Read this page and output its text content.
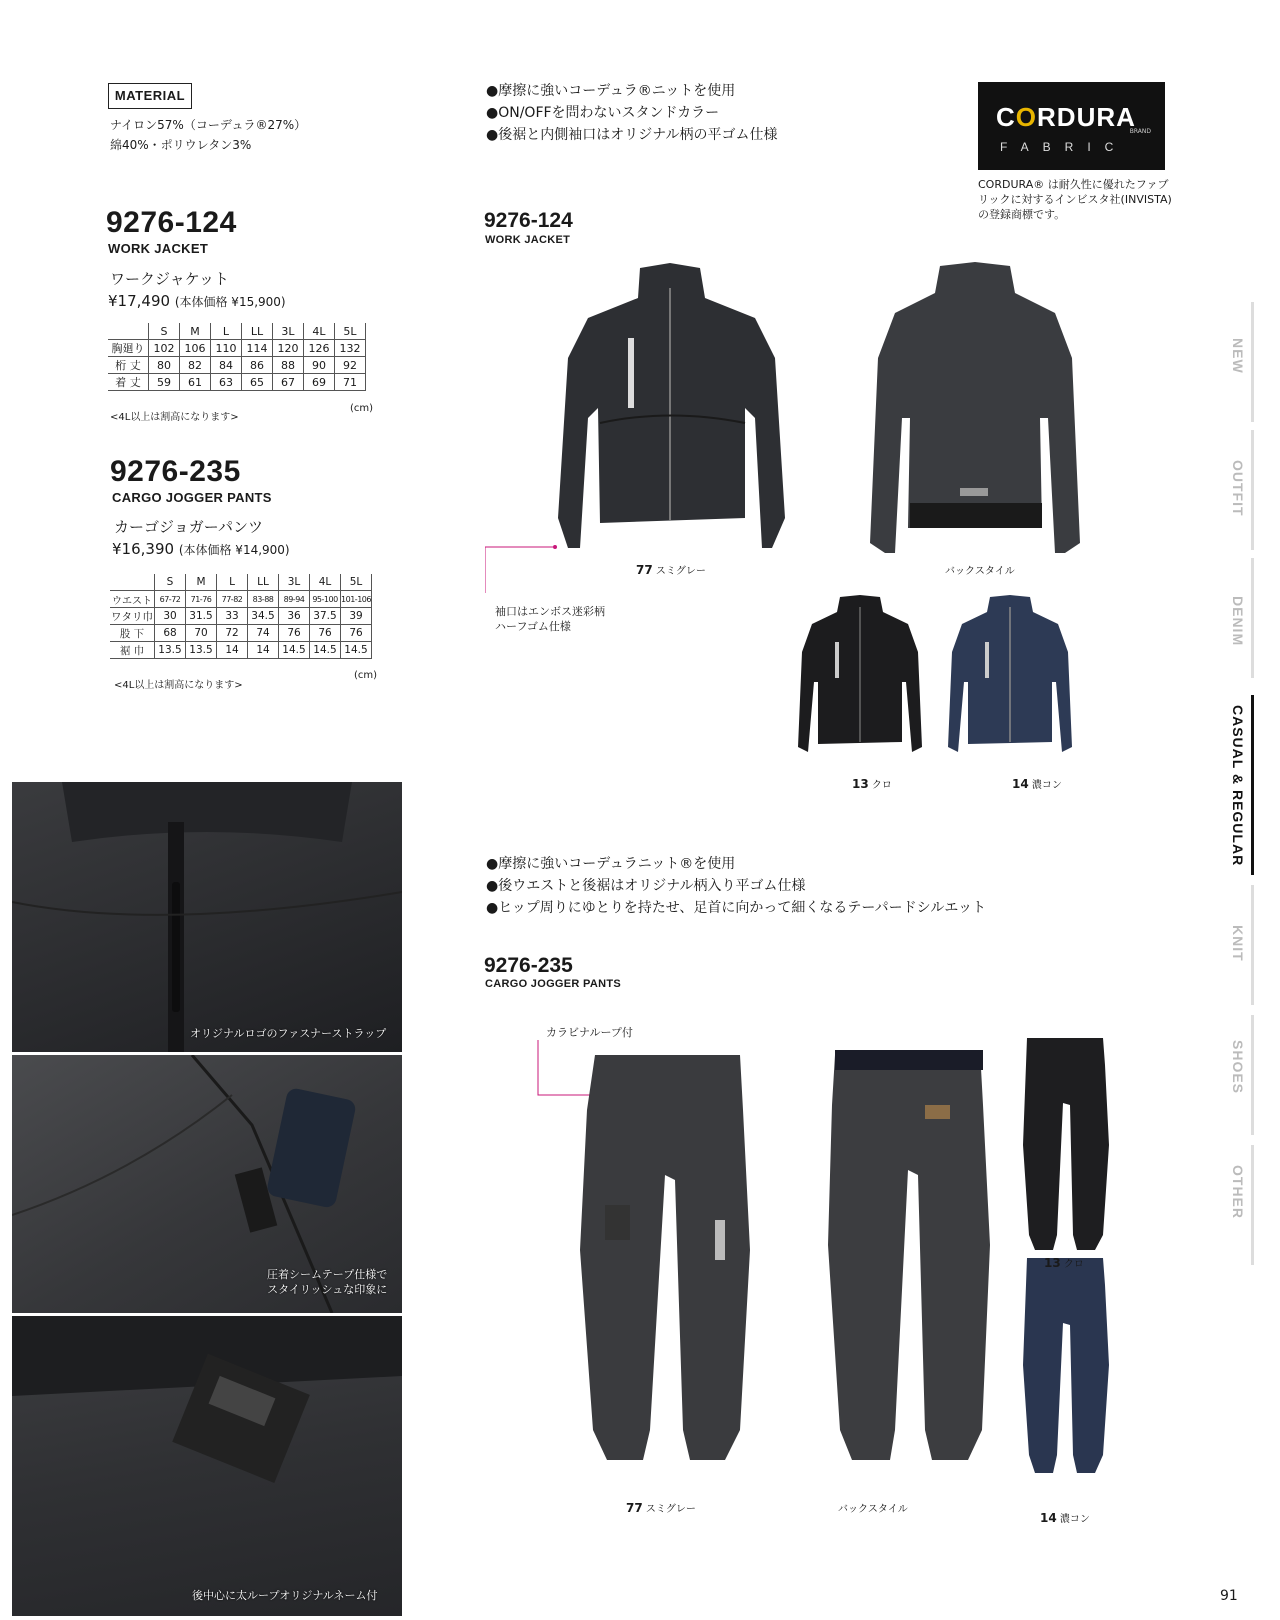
MATERIAL
ナイロン57%（コーデュラ®27%）
綿40%・ポリウレタン3%
9276-124
WORK JACKET
ワークジャケット
¥17,490 (本体価格 ¥15,900)
	S	M	L	LL	3L	4L	5L
胸廻り	102	106	110	114	120	126	132
桁 丈	80	82	84	86	88	90	92
着 丈	59	61	63	65	67	69	71
<4L以上は割高になります>
(cm)
9276-235
CARGO JOGGER PANTS
カーゴジョガーパンツ
¥16,390 (本体価格 ¥14,900)
	S	M	L	LL	3L	4L	5L
ウエスト	67-72	71-76	77-82	83-88	89-94	95-100	101-106
ワタリ巾	30	31.5	33	34.5	36	37.5	39
股 下	68	70	72	74	76	76	76
裾 巾	13.5	13.5	14	14	14.5	14.5	14.5
<4L以上は割高になります>
(cm)
●摩擦に強いコーデュラ®ニットを使用
●ON/OFFを問わないスタンドカラー
●後裾と内側袖口はオリジナル柄の平ゴム仕様
CORDURA
BRAND
FABRIC
CORDURA® は耐久性に優れたファブ
リックに対するインビスタ社(INVISTA)
の登録商標です。
9276-124
WORK JACKET
袖口はエンボス迷彩柄
ハーフゴム仕様
77 スミグレー	バックスタイル
13 クロ	14 濃コン
●摩擦に強いコーデュラニット®を使用
●後ウエストと後裾はオリジナル柄入り平ゴム仕様
●ヒップ周りにゆとりを持たせ、足首に向かって細くなるテーパードシルエット
9276-235
CARGO JOGGER PANTS
カラビナループ付
77 スミグレー	バックスタイル
13 クロ
14 濃コン
オリジナルロゴのファスナーストラップ
圧着シームテープ仕様で
スタイリッシュな印象に
後中心に太ループオリジナルネーム付
NEW
OUTFIT
DENIM
CASUAL & REGULAR
KNIT
SHOES
OTHER
91
